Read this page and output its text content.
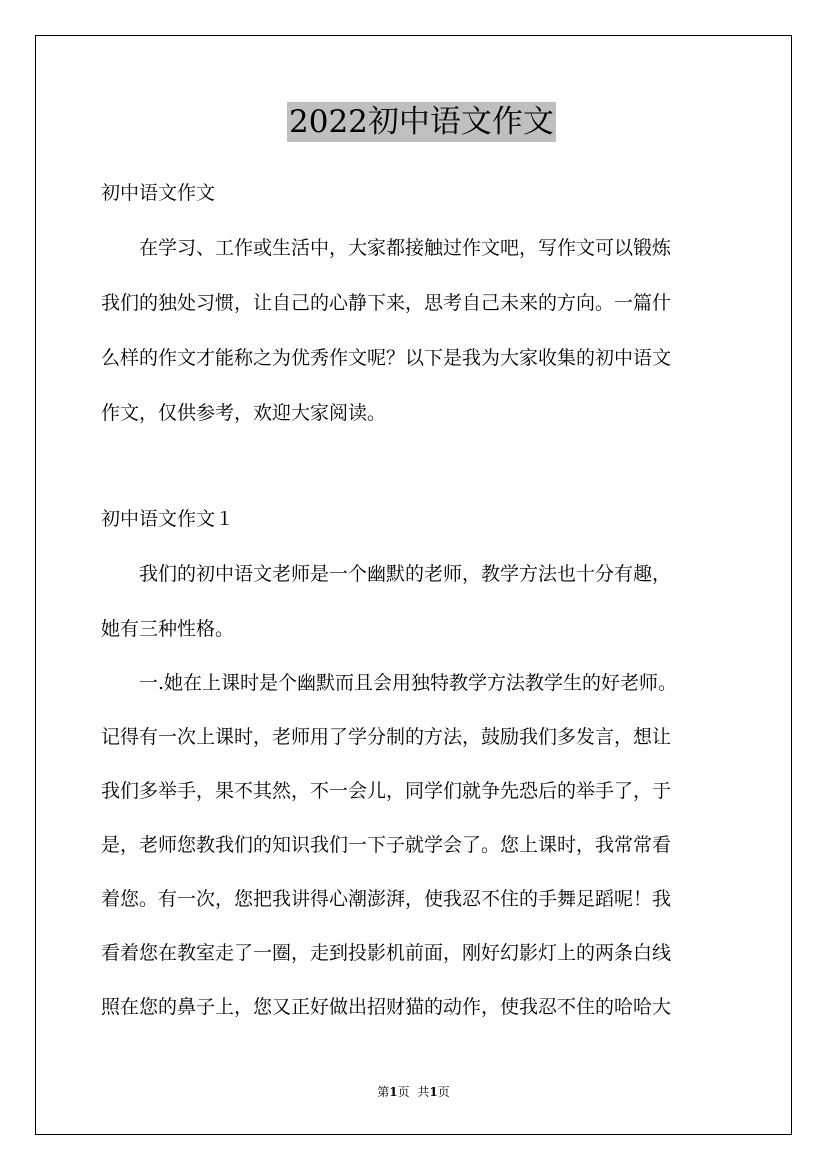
2022初中语文作文
初中语文作文
　　在学习、工作或生活中，大家都接触过作文吧，写作文可以锻炼
我们的独处习惯，让自己的心静下来，思考自己未来的方向。一篇什
么样的作文才能称之为优秀作文呢？以下是我为大家收集的初中语文
作文，仅供参考，欢迎大家阅读。
初中语文作文１
　　我们的初中语文老师是一个幽默的老师，教学方法也十分有趣，
她有三种性格。
　　一.她在上课时是个幽默而且会用独特教学方法教学生的好老师。
记得有一次上课时，老师用了学分制的方法，鼓励我们多发言，想让
我们多举手，果不其然，不一会儿，同学们就争先恐后的举手了，于
是，老师您教我们的知识我们一下子就学会了。您上课时，我常常看
着您。有一次，您把我讲得心潮澎湃，使我忍不住的手舞足蹈呢！我
看着您在教室走了一圈，走到投影机前面，刚好幻影灯上的两条白线
照在您的鼻子上，您又正好做出招财猫的动作，使我忍不住的哈哈大
第1页 共1页
